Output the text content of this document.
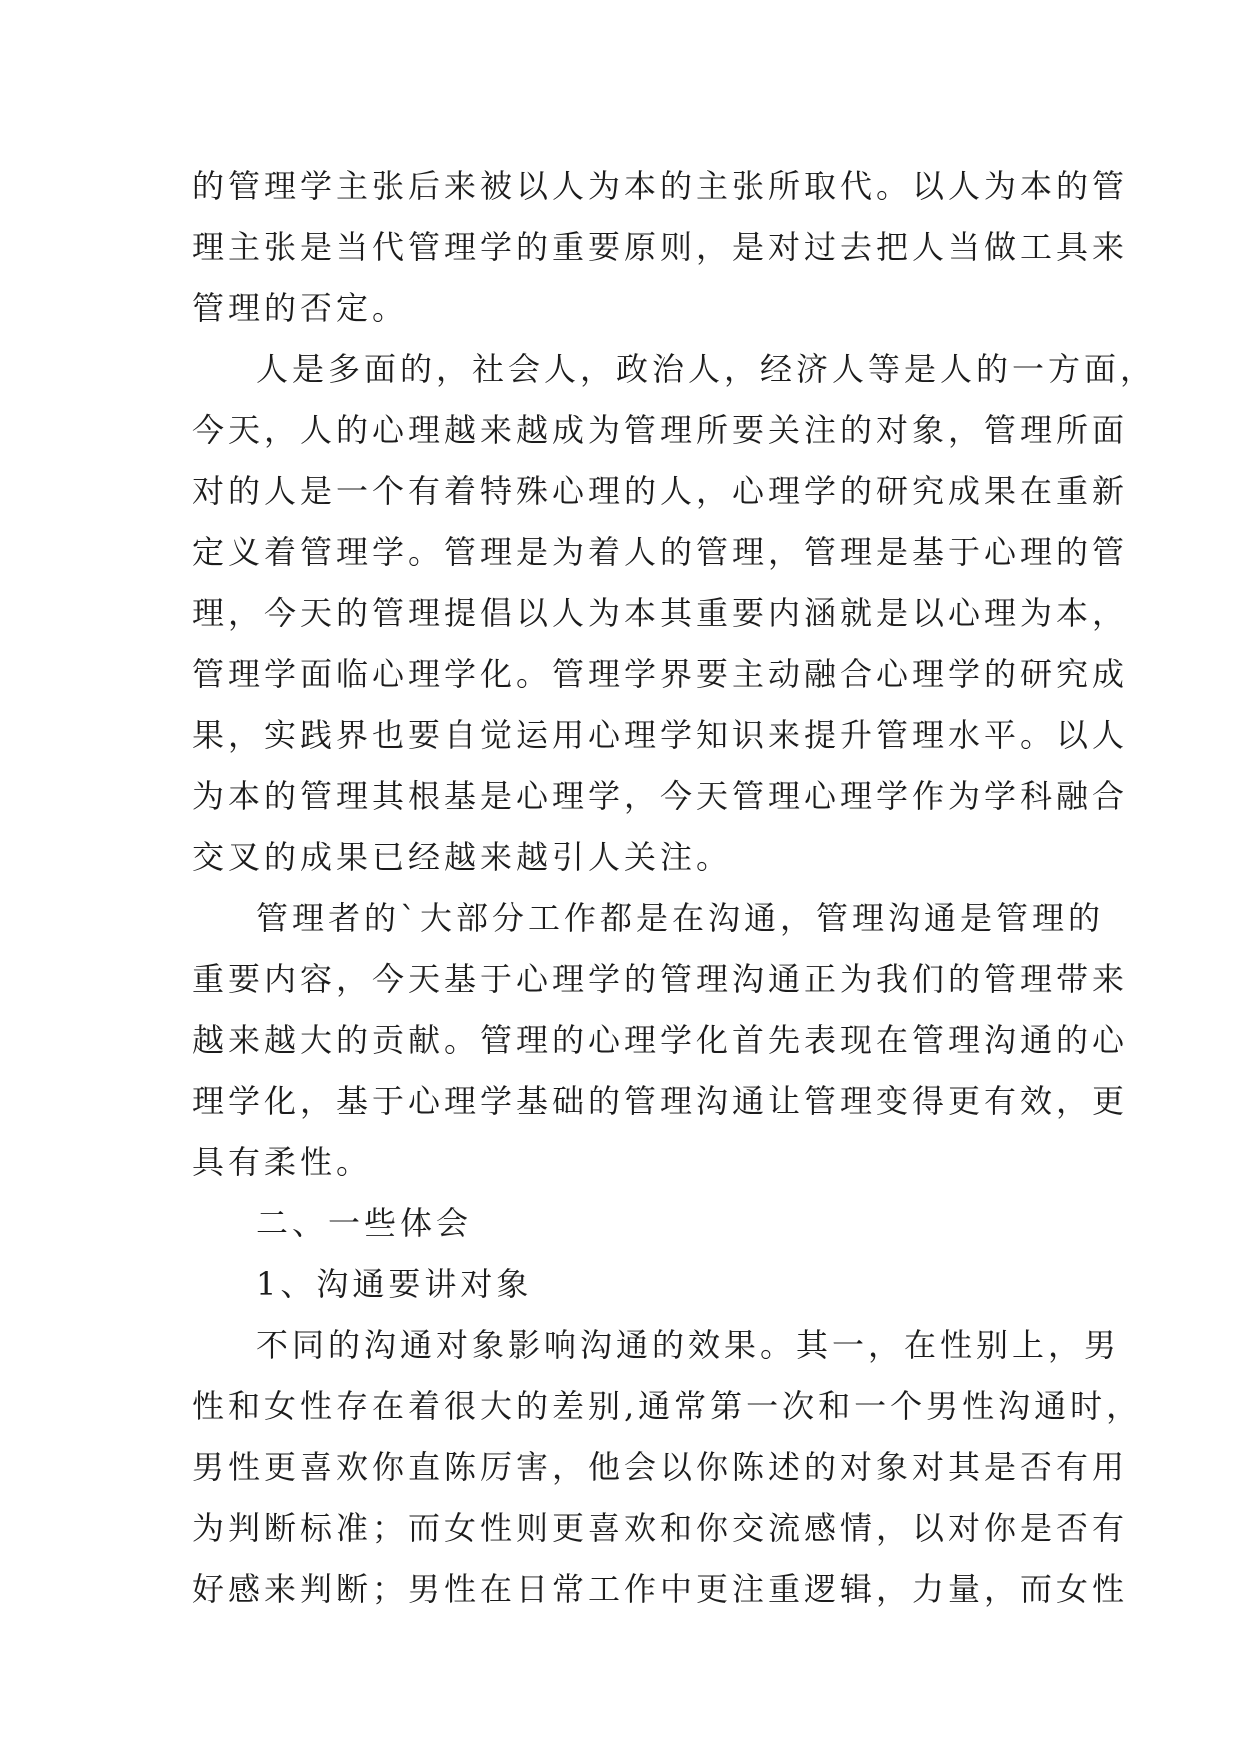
的管理学主张后来被以人为本的主张所取代。以人为本的管
理主张是当代管理学的重要原则，是对过去把人当做工具来
管理的否定。
人是多面的，社会人，政治人，经济人等是人的一方面，
今天，人的心理越来越成为管理所要关注的对象，管理所面
对的人是一个有着特殊心理的人，心理学的研究成果在重新
定义着管理学。管理是为着人的管理，管理是基于心理的管
理，今天的管理提倡以人为本其重要内涵就是以心理为本，
管理学面临心理学化。管理学界要主动融合心理学的研究成
果，实践界也要自觉运用心理学知识来提升管理水平。以人
为本的管理其根基是心理学，今天管理心理学作为学科融合
交叉的成果已经越来越引人关注。
管理者的`大部分工作都是在沟通，管理沟通是管理的
重要内容，今天基于心理学的管理沟通正为我们的管理带来
越来越大的贡献。管理的心理学化首先表现在管理沟通的心
理学化，基于心理学基础的管理沟通让管理变得更有效，更
具有柔性。
二、一些体会
1、沟通要讲对象
不同的沟通对象影响沟通的效果。其一，在性别上，男
性和女性存在着很大的差别,通常第一次和一个男性沟通时，
男性更喜欢你直陈厉害，他会以你陈述的对象对其是否有用
为判断标准；而女性则更喜欢和你交流感情，以对你是否有
好感来判断；男性在日常工作中更注重逻辑，力量，而女性
